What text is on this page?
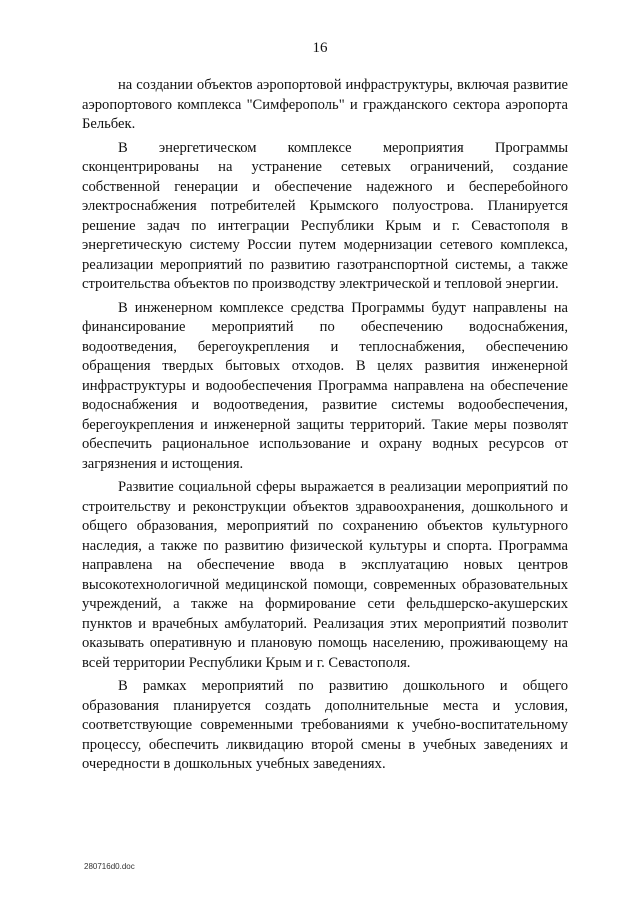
16

на создании объектов аэропортовой инфраструктуры, включая развитие аэропортового комплекса "Симферополь" и гражданского сектора аэропорта Бельбек.

В энергетическом комплексе мероприятия Программы сконцентрированы на устранение сетевых ограничений, создание собственной генерации и обеспечение надежного и бесперебойного электроснабжения потребителей Крымского полуострова. Планируется решение задач по интеграции Республики Крым и г. Севастополя в энергетическую систему России путем модернизации сетевого комплекса, реализации мероприятий по развитию газотранспортной системы, а также строительства объектов по производству электрической и тепловой энергии.

В инженерном комплексе средства Программы будут направлены на финансирование мероприятий по обеспечению водоснабжения, водоотведения, берегоукрепления и теплоснабжения, обеспечению обращения твердых бытовых отходов. В целях развития инженерной инфраструктуры и водообеспечения Программа направлена на обеспечение водоснабжения и водоотведения, развитие системы водообеспечения, берегоукрепления и инженерной защиты территорий. Такие меры позволят обеспечить рациональное использование и охрану водных ресурсов от загрязнения и истощения.

Развитие социальной сферы выражается в реализации мероприятий по строительству и реконструкции объектов здравоохранения, дошкольного и общего образования, мероприятий по сохранению объектов культурного наследия, а также по развитию физической культуры и спорта. Программа направлена на обеспечение ввода в эксплуатацию новых центров высокотехнологичной медицинской помощи, современных образовательных учреждений, а также на формирование сети фельдшерско-акушерских пунктов и врачебных амбулаторий. Реализация этих мероприятий позволит оказывать оперативную и плановую помощь населению, проживающему на всей территории Республики Крым и г. Севастополя.

В рамках мероприятий по развитию дошкольного и общего образования планируется создать дополнительные места и условия, соответствующие современными требованиями к учебно-воспитательному процессу, обеспечить ликвидацию второй смены в учебных заведениях и очередности в дошкольных учебных заведениях.

280716d0.doc
